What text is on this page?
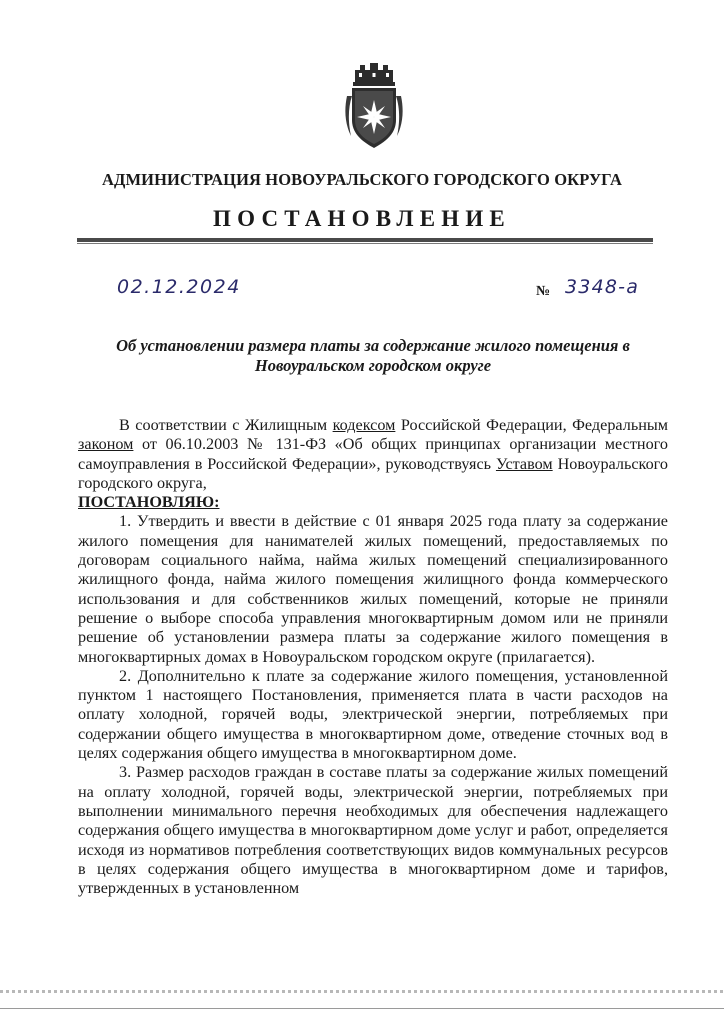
АДМИНИСТРАЦИЯ НОВОУРАЛЬСКОГО ГОРОДСКОГО ОКРУГА
ПОСТАНОВЛЕНИЕ
02.12.2024	№ 3348-а
Об установлении размера платы за содержание жилого помещения в
Новоуральском городском округе

В соответствии с Жилищным кодексом Российской Федерации, Федеральным законом от 06.10.2003 № 131-ФЗ «Об общих принципах организации местного самоуправления в Российской Федерации», руководствуясь Уставом Новоуральского городского округа,

ПОСТАНОВЛЯЮ:

1. Утвердить и ввести в действие с 01 января 2025 года плату за содержание жилого помещения для нанимателей жилых помещений, предоставляемых по договорам социального найма, найма жилых помещений специализированного жилищного фонда, найма жилого помещения жилищного фонда коммерческого использования и для собственников жилых помещений, которые не приняли решение о выборе способа управления многоквартирным домом или не приняли решение об установлении размера платы за содержание жилого помещения в многоквартирных домах в Новоуральском городском округе (прилагается).

2. Дополнительно к плате за содержание жилого помещения, установленной пунктом 1 настоящего Постановления, применяется плата в части расходов на оплату холодной, горячей воды, электрической энергии, потребляемых при содержании общего имущества в многоквартирном доме, отведение сточных вод в целях содержания общего имущества в многоквартирном доме.

3. Размер расходов граждан в составе платы за содержание жилых помещений на оплату холодной, горячей воды, электрической энергии, потребляемых при выполнении минимального перечня необходимых для обеспечения надлежащего содержания общего имущества в многоквартирном доме услуг и работ, определяется исходя из нормативов потребления соответствующих видов коммунальных ресурсов в целях содержания общего имущества в многоквартирном доме и тарифов, утвержденных в установленном
